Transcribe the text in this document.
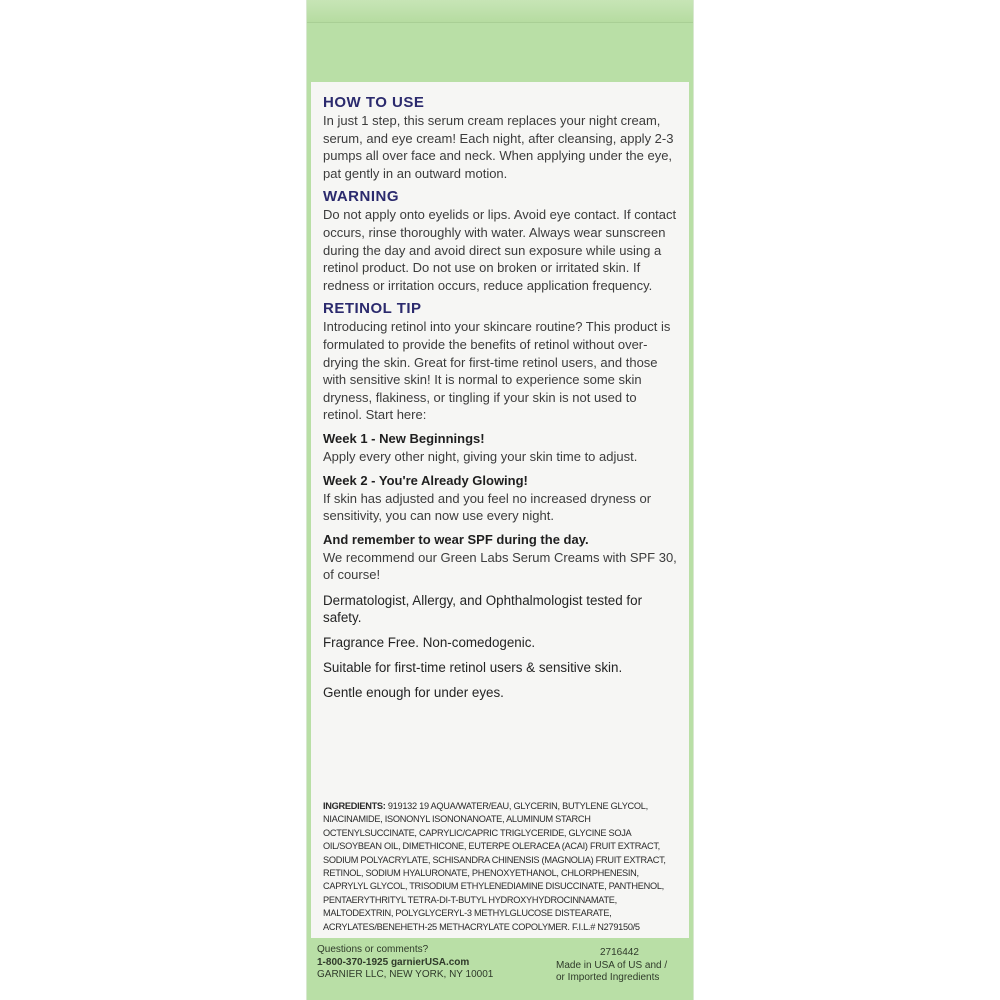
HOW TO USE

In just 1 step, this serum cream replaces your night cream, serum, and eye cream! Each night, after cleansing, apply 2-3 pumps all over face and neck. When applying under the eye, pat gently in an outward motion.

WARNING

Do not apply onto eyelids or lips. Avoid eye contact. If contact occurs, rinse thoroughly with water. Always wear sunscreen during the day and avoid direct sun exposure while using a retinol product. Do not use on broken or irritated skin. If redness or irritation occurs, reduce application frequency.

RETINOL TIP

Introducing retinol into your skincare routine? This product is formulated to provide the benefits of retinol without over-drying the skin. Great for first-time retinol users, and those with sensitive skin! It is normal to experience some skin dryness, flakiness, or tingling if your skin is not used to retinol. Start here:

Week 1 - New Beginnings!

Apply every other night, giving your skin time to adjust.

Week 2 - You're Already Glowing!

If skin has adjusted and you feel no increased dryness or sensitivity, you can now use every night.

And remember to wear SPF during the day.

We recommend our Green Labs Serum Creams with SPF 30, of course!

Dermatologist, Allergy, and Ophthalmologist tested for safety.
Fragrance Free. Non-comedogenic.
Suitable for first-time retinol users & sensitive skin.
Gentle enough for under eyes.
INGREDIENTS: 919132 19 AQUA/WATER/EAU, GLYCERIN, BUTYLENE GLYCOL, NIACINAMIDE, ISONONYL ISONONANOATE, ALUMINUM STARCH OCTENYLSUCCINATE, CAPRYLIC/CAPRIC TRIGLYCERIDE, GLYCINE SOJA OIL/SOYBEAN OIL, DIMETHICONE, EUTERPE OLERACEA (ACAI) FRUIT EXTRACT, SODIUM POLYACRYLATE, SCHISANDRA CHINENSIS (MAGNOLIA) FRUIT EXTRACT, RETINOL, SODIUM HYALURONATE, PHENOXYETHANOL, CHLORPHENESIN, CAPRYLYL GLYCOL, TRISODIUM ETHYLENEDIAMINE DISUCCINATE, PANTHENOL, PENTAERYTHRITYL TETRA-DI-T-BUTYL HYDROXYHYDROCINNAMATE, MALTODEXTRIN, POLYGLYCERYL-3 METHYLGLUCOSE DISTEARATE, ACRYLATES/BENEHETH-25 METHACRYLATE COPOLYMER. F.I.L.# N279150/5
Questions or comments?
1-800-370-1925 garnierUSA.com
GARNIER LLC, NEW YORK, NY 10001
2716442
Made in USA of US and /
or Imported Ingredients
